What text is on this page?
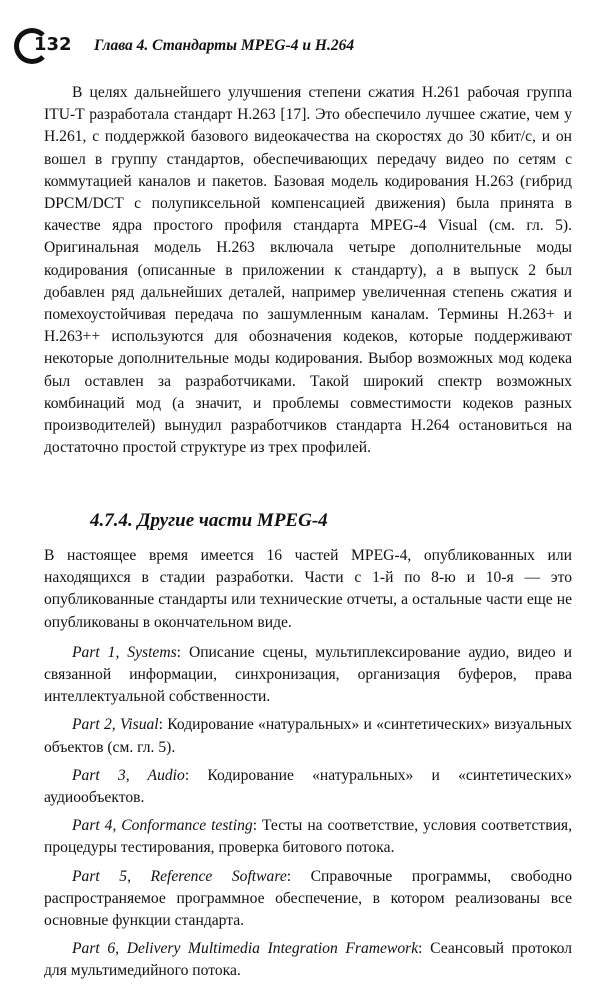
132 Глава 4. Стандарты MPEG-4 и H.264

В целях дальнейшего улучшения степени сжатия H.261 рабочая группа ITU-T разработала стандарт H.263 [17]. Это обеспечило лучшее сжатие, чем у H.261, с поддержкой базового видеокачества на скоростях до 30 кбит/с, и он вошел в группу стандартов, обеспечивающих передачу видео по сетям с коммутацией каналов и пакетов. Базовая модель кодирования H.263 (гибрид DPCM/DCT с полупиксельной компенсацией движения) была принята в качестве ядра простого профиля стандарта MPEG-4 Visual (см. гл. 5). Оригинальная модель H.263 включала четыре дополнительные моды кодирования (описанные в приложении к стандарту), а в выпуск 2 был добавлен ряд дальнейших деталей, например увеличенная степень сжатия и помехоустойчивая передача по зашумленным каналам. Термины H.263+ и H.263++ используются для обозначения кодеков, которые поддерживают некоторые дополнительные моды кодирования. Выбор возможных мод кодека был оставлен за разработчиками. Такой широкий спектр возможных комбинаций мод (а значит, и проблемы совместимости кодеков разных производителей) вынудил разработчиков стандарта H.264 остановиться на достаточно простой структуре из трех профилей.

4.7.4. Другие части MPEG-4

В настоящее время имеется 16 частей MPEG-4, опубликованных или находящихся в стадии разработки. Части с 1-й по 8-ю и 10-я — это опубликованные стандарты или технические отчеты, а остальные части еще не опубликованы в окончательном виде.

Part 1, Systems: Описание сцены, мультиплексирование аудио, видео и связанной информации, синхронизация, организация буферов, права интеллектуальной собственности.

Part 2, Visual: Кодирование «натуральных» и «синтетических» визуальных объектов (см. гл. 5).

Part 3, Audio: Кодирование «натуральных» и «синтетических» аудиообъектов.

Part 4, Conformance testing: Тесты на соответствие, условия соответствия, процедуры тестирования, проверка битового потока.

Part 5, Reference Software: Справочные программы, свободно распространяемое программное обеспечение, в котором реализованы все основные функции стандарта.

Part 6, Delivery Multimedia Integration Framework: Сеансовый протокол для мультимедийного потока.
